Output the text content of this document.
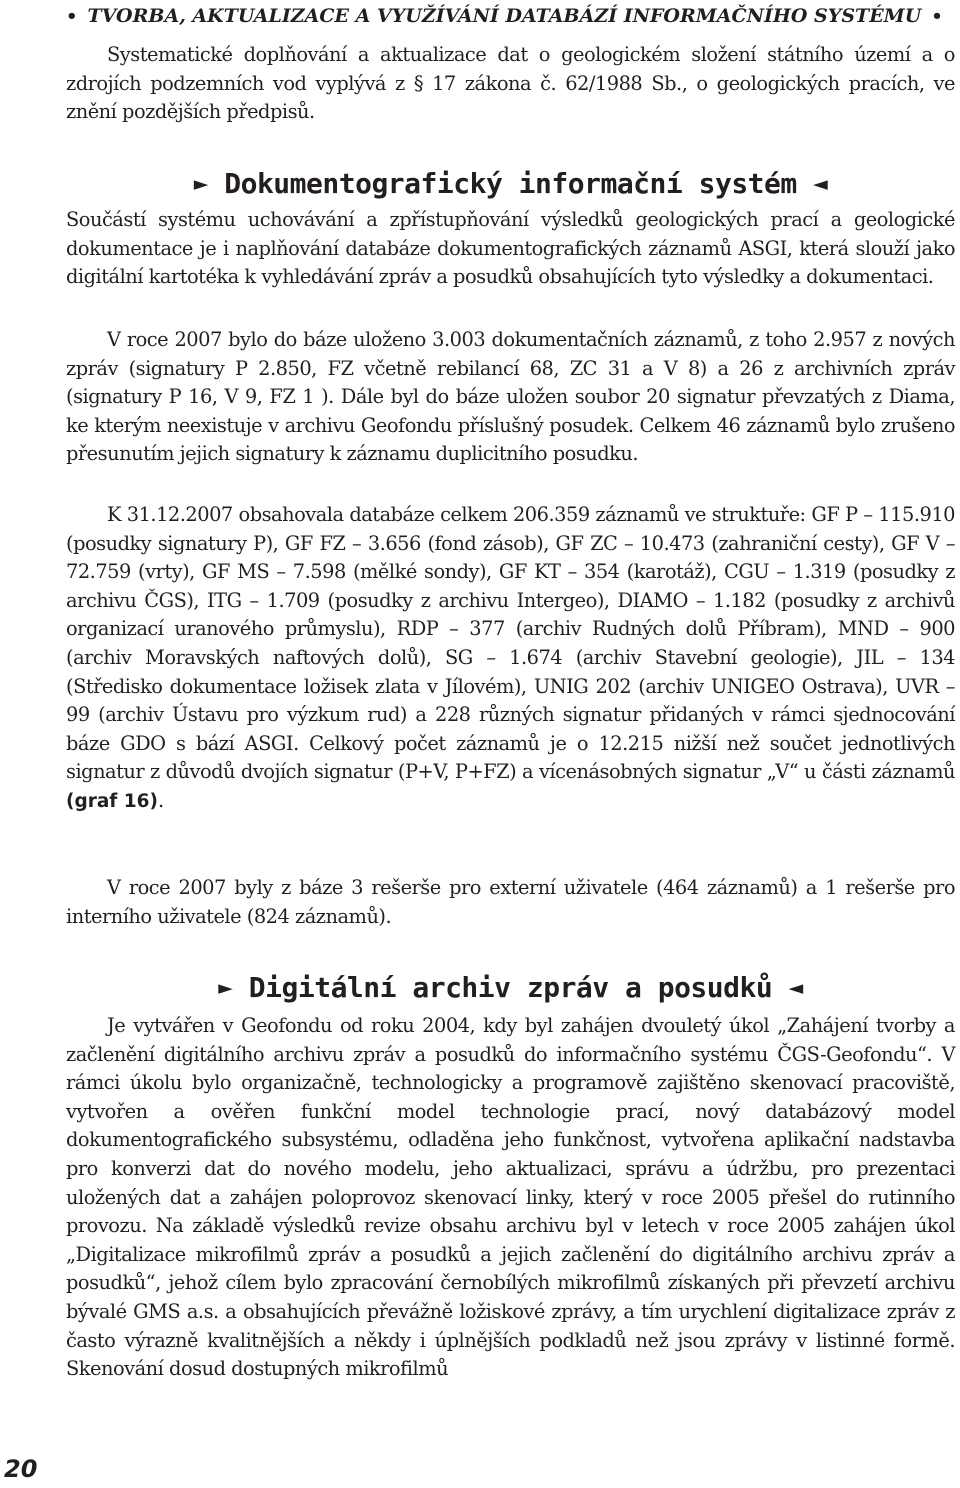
• TVORBA, AKTUALIZACE A VYUŽÍVÁNÍ DATABÁZÍ INFORMAČNÍHO SYSTÉMU •

Systematické doplňování a aktualizace dat o geologickém složení státního území a o zdrojích podzemních vod vyplývá z § 17 zákona č. 62/1988 Sb., o geologických pracích, ve znění pozdějších předpisů.

► Dokumentografický informační systém ◄

Součástí systému uchovávání a zpřístupňování výsledků geologických prací a geologické dokumentace je i naplňování databáze dokumentografických záznamů ASGI, která slouží jako digitální kartotéka k vyhledávání zpráv a posudků obsahujících tyto výsledky a dokumentaci.

V roce 2007 bylo do báze uloženo 3.003 dokumentačních záznamů, z toho 2.957 z nových zpráv (signatury P 2.850, FZ včetně rebilancí 68, ZC 31 a V 8) a 26 z archivních zpráv (signatury P 16, V 9, FZ 1 ). Dále byl do báze uložen soubor 20 signatur převzatých z Diama, ke kterým neexistuje v archivu Geofondu příslušný posudek. Celkem 46 záznamů bylo zrušeno přesunutím jejich signatury k záznamu duplicitního posudku.

K 31.12.2007 obsahovala databáze celkem 206.359 záznamů ve struktuře: GF P – 115.910 (posudky signatury P), GF FZ – 3.656 (fond zásob), GF ZC – 10.473 (zahraniční cesty), GF V – 72.759 (vrty), GF MS – 7.598 (mělké sondy), GF KT – 354 (karotáž), CGU – 1.319 (posudky z archivu ČGS), ITG – 1.709 (posudky z archivu Intergeo), DIAMO – 1.182 (posudky z archivů organizací uranového průmyslu), RDP – 377 (archiv Rudných dolů Příbram), MND – 900 (archiv Moravských naftových dolů), SG – 1.674 (archiv Stavební geologie), JIL – 134 (Středisko dokumentace ložisek zlata v Jílovém), UNIG 202 (archiv UNIGEO Ostrava), UVR – 99 (archiv Ústavu pro výzkum rud) a 228 různých signatur přidaných v rámci sjednocování báze GDO s bází ASGI. Celkový počet záznamů je o 12.215 nižší než součet jednotlivých signatur z důvodů dvojích signatur (P+V, P+FZ) a vícenásobných signatur „V“ u části záznamů (graf 16).

V roce 2007 byly z báze 3 rešerše pro externí uživatele (464 záznamů) a 1 rešerše pro interního uživatele (824 záznamů).

► Digitální archiv zpráv a posudků ◄

Je vytvářen v Geofondu od roku 2004, kdy byl zahájen dvouletý úkol „Zahájení tvorby a začlenění digitálního archivu zpráv a posudků do informačního systému ČGS-Geofondu“. V rámci úkolu bylo organizačně, technologicky a programově zajištěno skenovací pracoviště, vytvořen a ověřen funkční model technologie prací, nový databázový model dokumentografického subsystému, odladěna jeho funkčnost, vytvořena aplikační nadstavba pro konverzi dat do nového modelu, jeho aktualizaci, správu a údržbu, pro prezentaci uložených dat a zahájen poloprovoz skenovací linky, který v roce 2005 přešel do rutinního provozu. Na základě výsledků revize obsahu archivu byl v letech v roce 2005 zahájen úkol „Digitalizace mikrofilmů zpráv a posudků a jejich začlenění do digitálního archivu zpráv a posudků“, jehož cílem bylo zpracování černobílých mikrofilmů získaných při převzetí archivu bývalé GMS a.s. a obsahujících převážně ložiskové zprávy, a tím urychlení digitalizace zpráv z často výrazně kvalitnějších a někdy i úplnějších podkladů než jsou zprávy v listinné formě. Skenování dosud dostupných mikrofilmů

20
